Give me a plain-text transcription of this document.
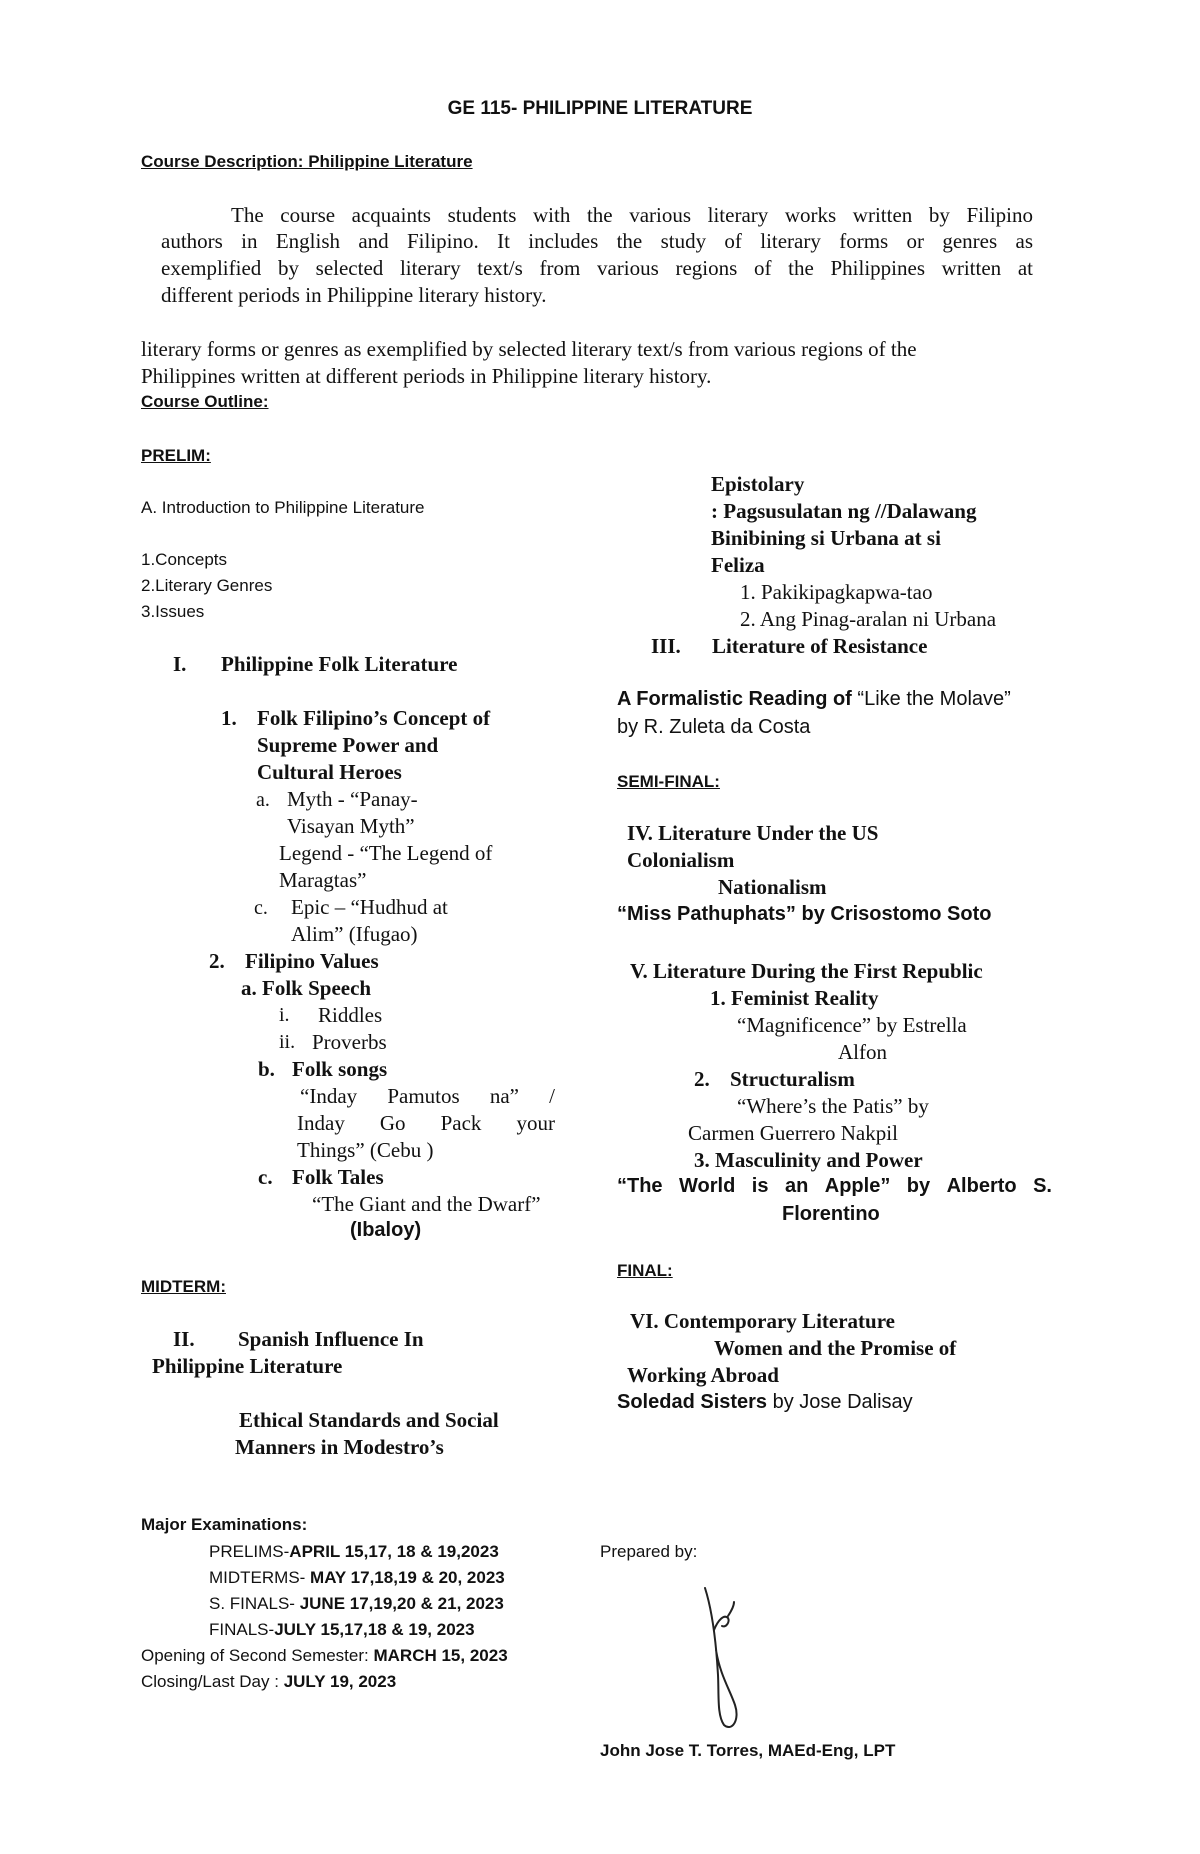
GE 115- PHILIPPINE LITERATURE
Course Description: Philippine Literature
The course acquaints students with the various literary works written by Filipino
authors in English and Filipino. It includes the study of literary forms or genres as
exemplified by selected literary text/s from various regions of the Philippines written at
different periods in Philippine literary history.
literary forms or genres as exemplified by selected literary text/s from various regions of the
Philippines written at different periods in Philippine literary history.
Course Outline:
PRELIM:
A. Introduction to Philippine Literature
1.Concepts
2.Literary Genres
3.Issues
I. Philippine Folk Literature
1. Folk Filipino’s Concept of
Supreme Power and
Cultural Heroes
a. Myth - “Panay-
Visayan Myth”
Legend - “The Legend of
Maragtas”
c. Epic – “Hudhud at
Alim” (Ifugao)
2. Filipino Values
a. Folk Speech
i. Riddles
ii. Proverbs
b. Folk songs
“Inday Pamutos na” /
Inday Go Pack your
Things” (Cebu )
c. Folk Tales
“The Giant and the Dwarf”
(Ibaloy)
MIDTERM:
II. Spanish Influence In
Philippine Literature
Ethical Standards and Social
Manners in Modestro’s
Epistolary
: Pagsusulatan ng //Dalawang
Binibining si Urbana at si
Feliza
1. Pakikipagkapwa-tao
2. Ang Pinag-aralan ni Urbana
III. Literature of Resistance
A Formalistic Reading of “Like the Molave”
by R. Zuleta da Costa
SEMI-FINAL:
IV. Literature Under the US
Colonialism
Nationalism
“Miss Pathuphats” by Crisostomo Soto
V. Literature During the First Republic
1. Feminist Reality
“Magnificence” by Estrella
Alfon
2. Structuralism
“Where’s the Patis” by
Carmen Guerrero Nakpil
3. Masculinity and Power
“The World is an Apple” by Alberto S.
Florentino
FINAL:
VI. Contemporary Literature
Women and the Promise of
Working Abroad
Soledad Sisters by Jose Dalisay
Major Examinations:
PRELIMS-APRIL 15,17, 18 & 19,2023
MIDTERMS- MAY 17,18,19 & 20, 2023
S. FINALS- JUNE 17,19,20 & 21, 2023
FINALS-JULY 15,17,18 & 19, 2023
Opening of Second Semester: MARCH 15, 2023
Closing/Last Day : JULY 19, 2023
Prepared by:
John Jose T. Torres, MAEd-Eng, LPT
